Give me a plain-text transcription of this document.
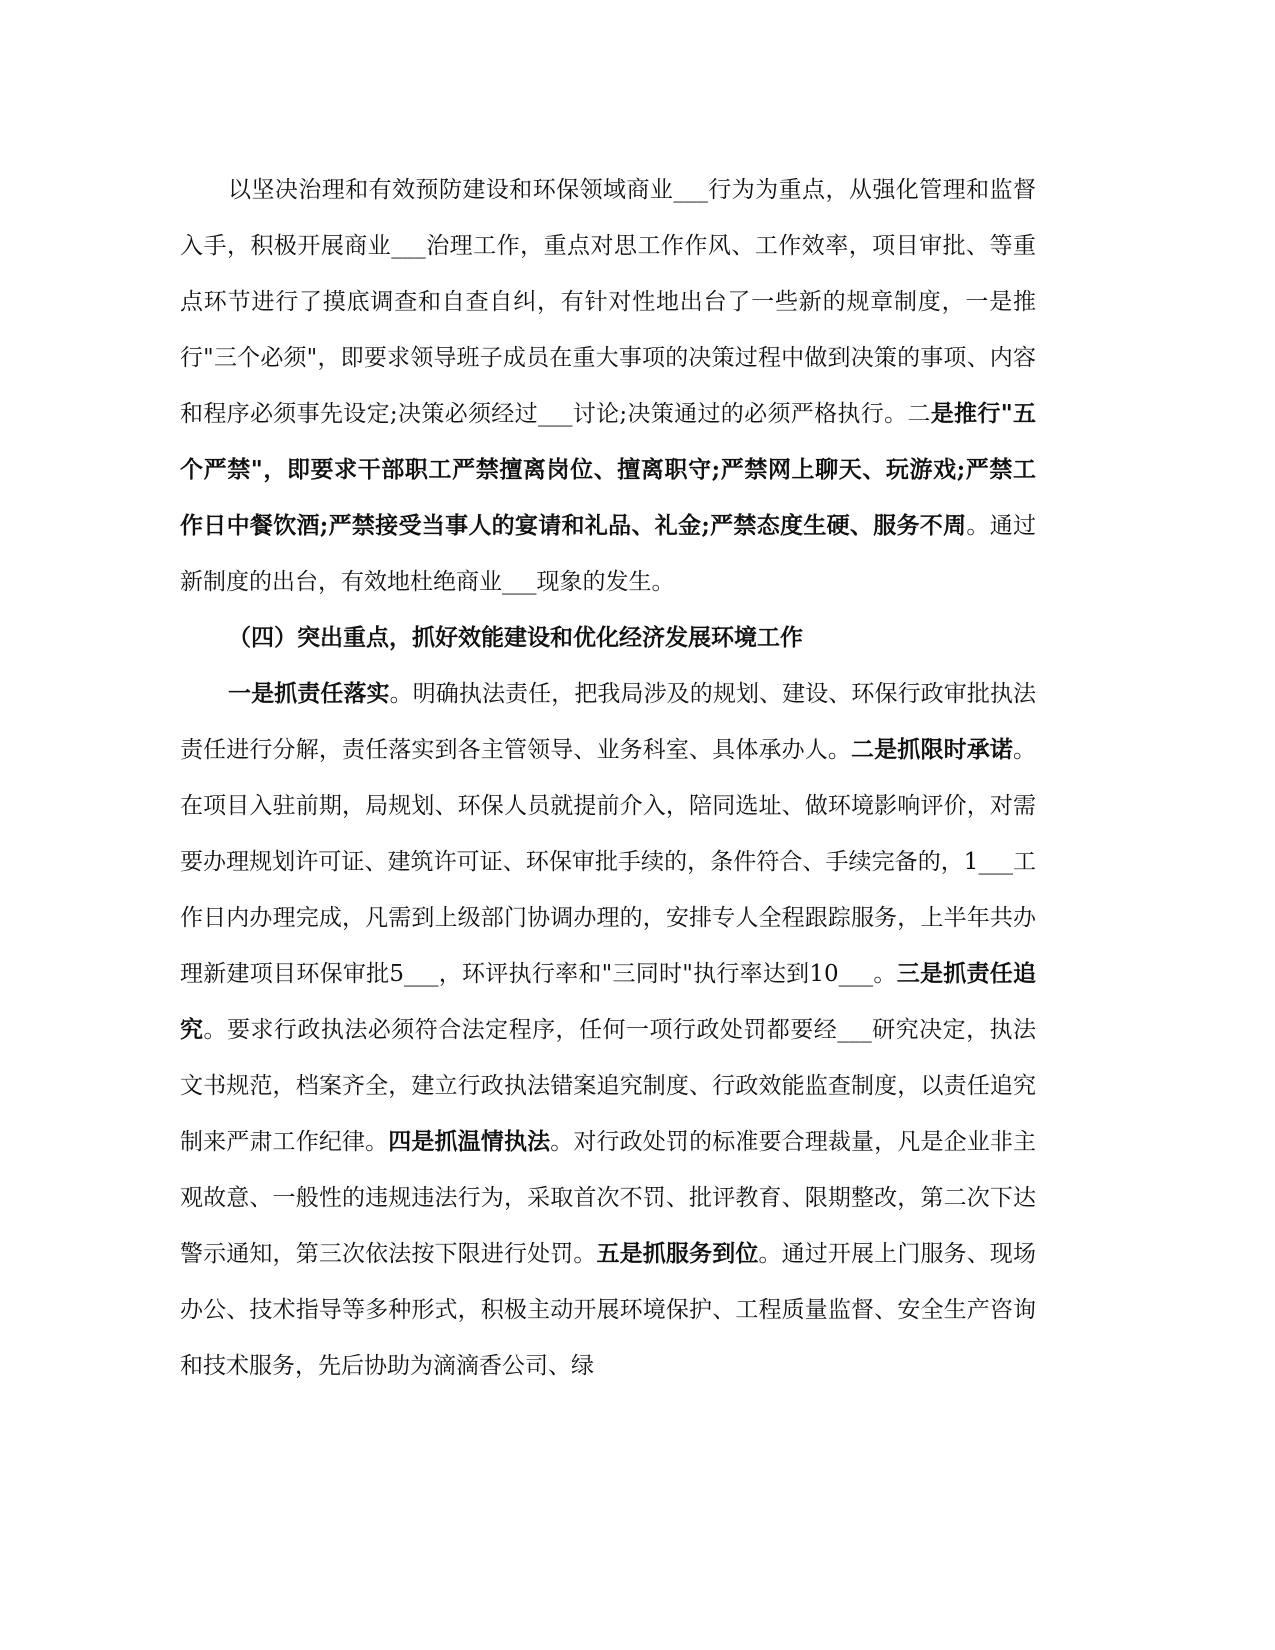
以坚决治理和有效预防建设和环保领域商业___行为为重点，从强化管理和监督入手，积极开展商业___治理工作，重点对思工作作风、工作效率，项目审批、等重点环节进行了摸底调查和自查自纠，有针对性地出台了一些新的规章制度，一是推行"三个必须"，即要求领导班子成员在重大事项的决策过程中做到决策的事项、内容和程序必须事先设定;决策必须经过___讨论;决策通过的必须严格执行。二是推行"五个严禁"，即要求干部职工严禁擅离岗位、擅离职守;严禁网上聊天、玩游戏;严禁工作日中餐饮酒;严禁接受当事人的宴请和礼品、礼金;严禁态度生硬、服务不周。通过新制度的出台，有效地杜绝商业___现象的发生。

（四）突出重点，抓好效能建设和优化经济发展环境工作

一是抓责任落实。明确执法责任，把我局涉及的规划、建设、环保行政审批执法责任进行分解，责任落实到各主管领导、业务科室、具体承办人。二是抓限时承诺。在项目入驻前期，局规划、环保人员就提前介入，陪同选址、做环境影响评价，对需要办理规划许可证、建筑许可证、环保审批手续的，条件符合、手续完备的，1___工作日内办理完成，凡需到上级部门协调办理的，安排专人全程跟踪服务，上半年共办理新建项目环保审批5___，环评执行率和"三同时"执行率达到10___。三是抓责任追究。要求行政执法必须符合法定程序，任何一项行政处罚都要经___研究决定，执法文书规范，档案齐全，建立行政执法错案追究制度、行政效能监查制度，以责任追究制来严肃工作纪律。四是抓温情执法。对行政处罚的标准要合理裁量，凡是企业非主观故意、一般性的违规违法行为，采取首次不罚、批评教育、限期整改，第二次下达警示通知，第三次依法按下限进行处罚。五是抓服务到位。通过开展上门服务、现场办公、技术指导等多种形式，积极主动开展环境保护、工程质量监督、安全生产咨询和技术服务，先后协助为滴滴香公司、绿
